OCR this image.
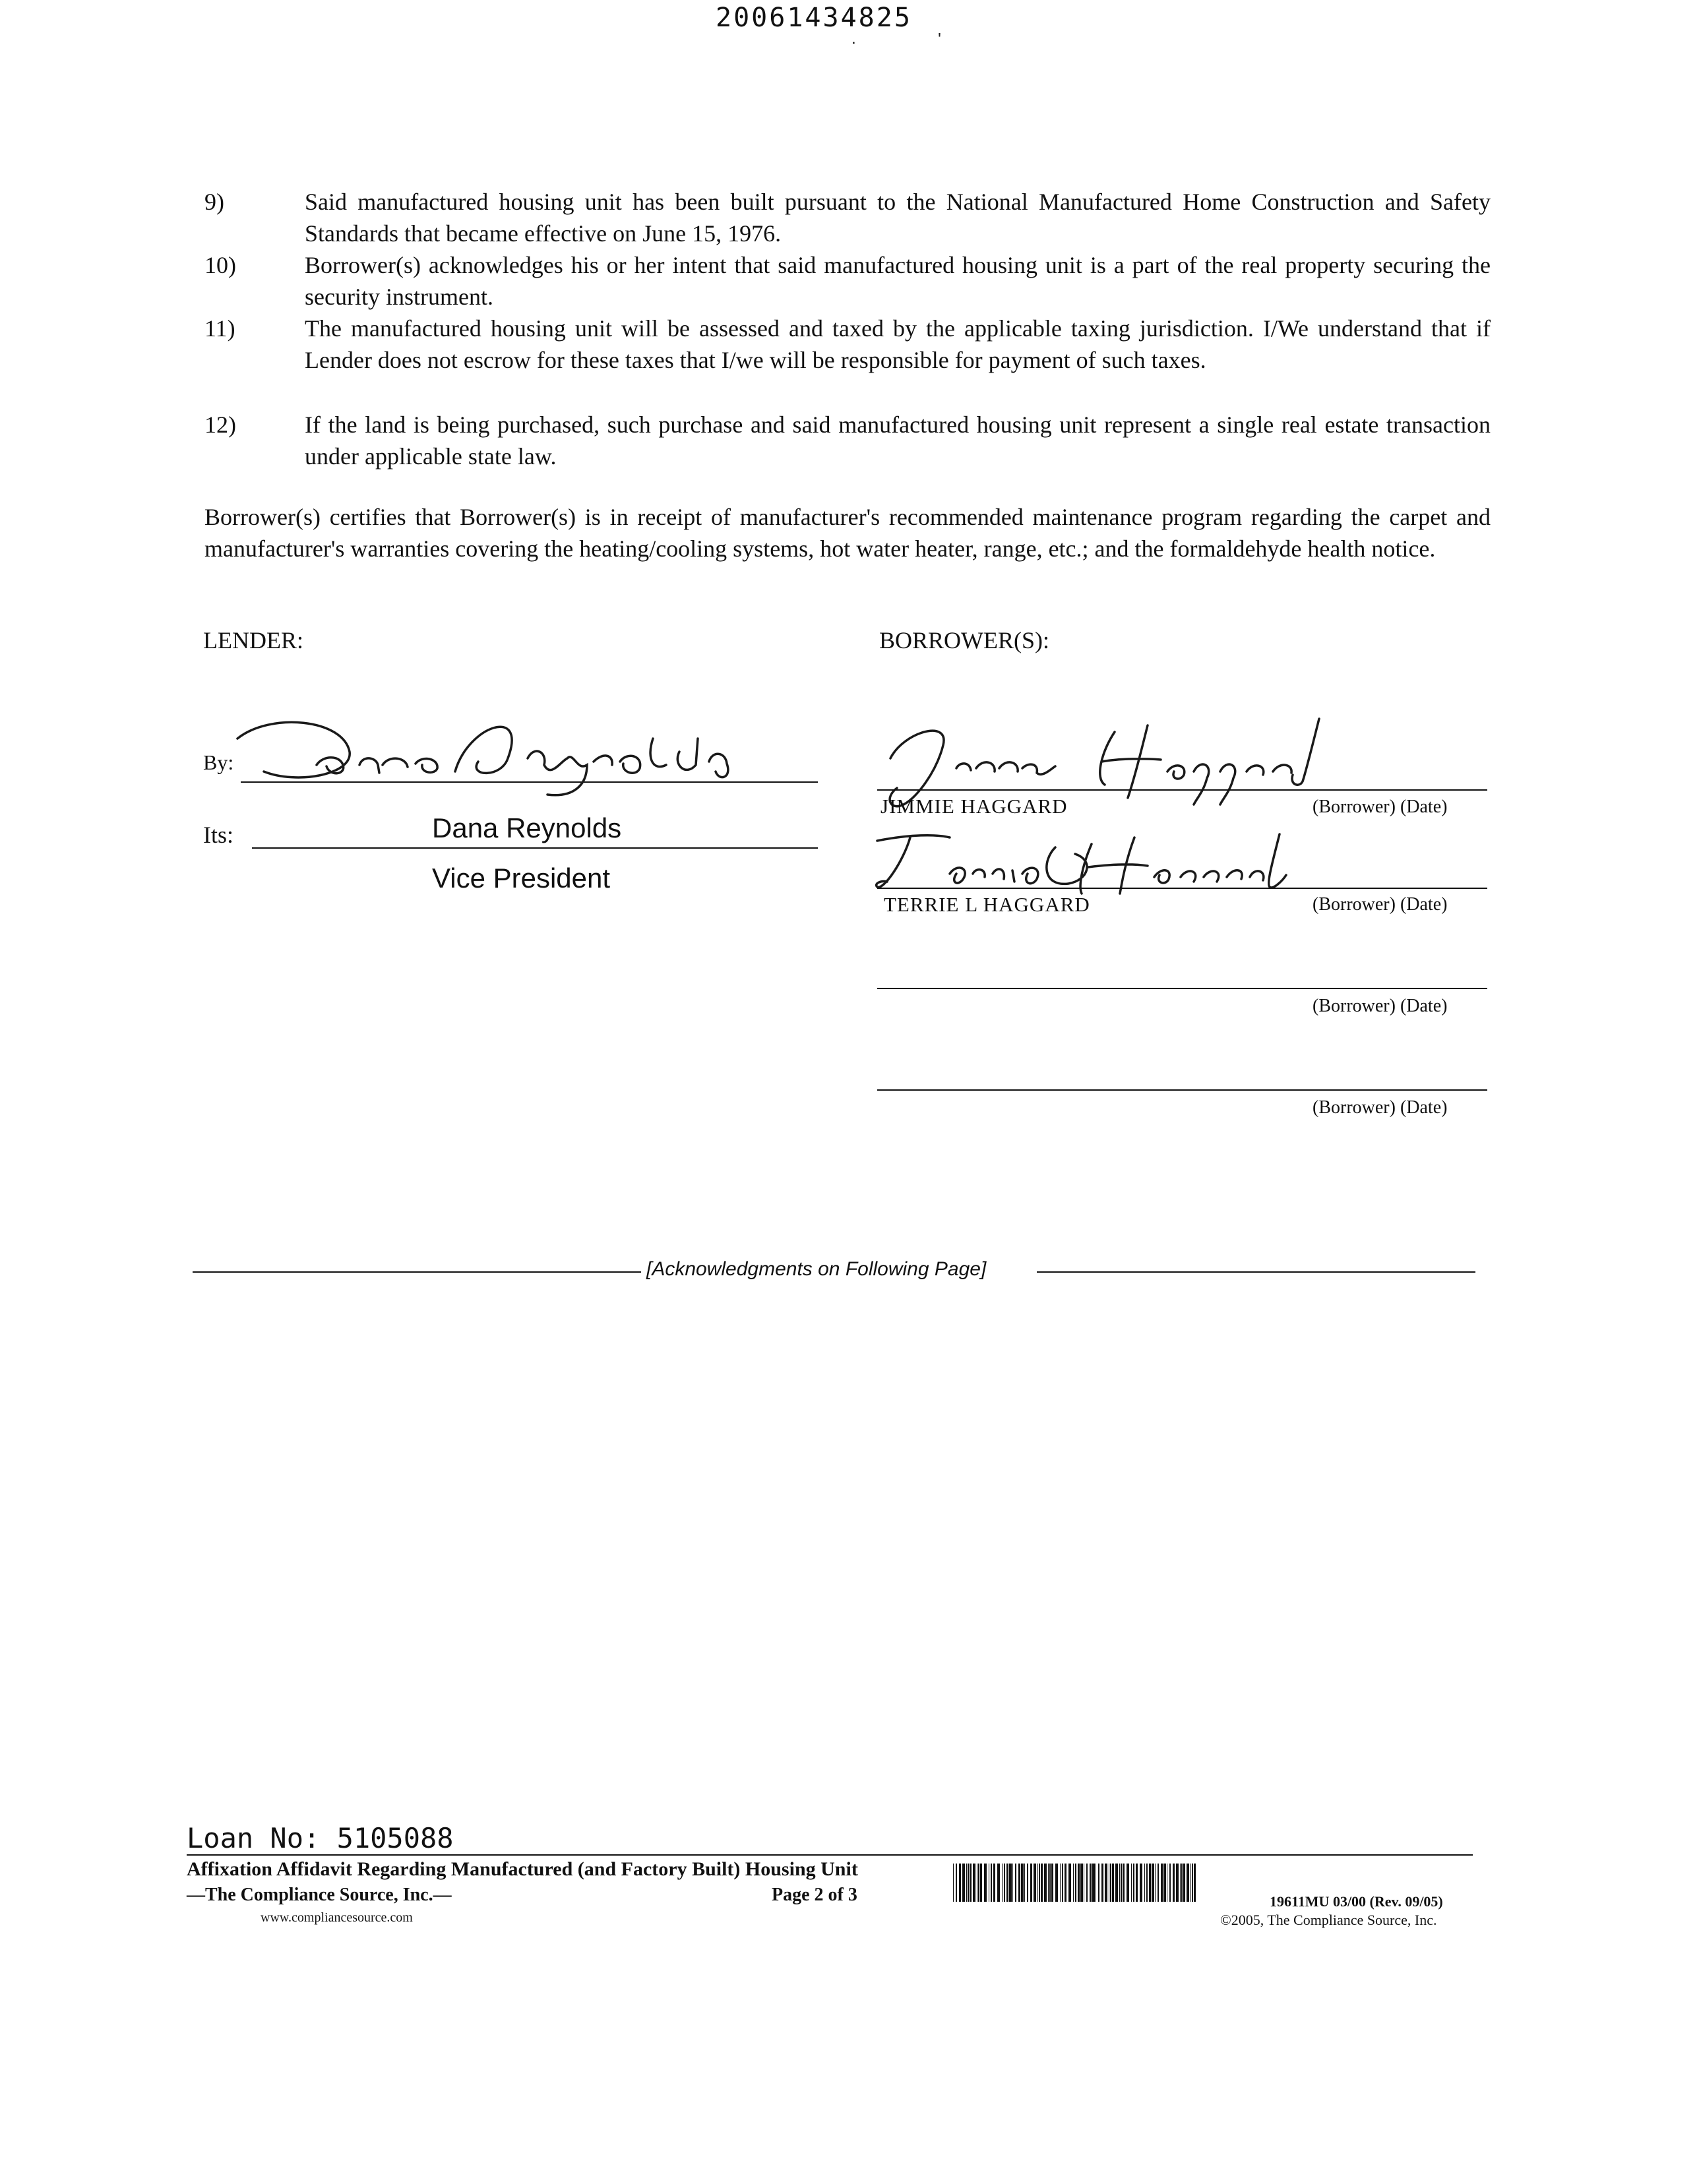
20061434825
·	'
9)	Said manufactured housing unit has been built pursuant to the National Manufactured Home Construction and Safety Standards that became effective on June 15, 1976.
10)	Borrower(s) acknowledges his or her intent that said manufactured housing unit is a part of the real property securing the security instrument.
11)	The manufactured housing unit will be assessed and taxed by the applicable taxing jurisdiction. I/We understand that if Lender does not escrow for these taxes that I/we will be responsible for payment of such taxes.
12)	If the land is being purchased, such purchase and said manufactured housing unit represent a single real estate transaction under applicable state law.
Borrower(s) certifies that Borrower(s) is in receipt of manufacturer's recommended maintenance program regarding the carpet and manufacturer's warranties covering the heating/cooling systems, hot water heater, range, etc.; and the formaldehyde health notice.
LENDER:
By:
Its:	Dana Reynolds
Vice President
BORROWER(S):
JIMMIE HAGGARD	(Borrower) (Date)
TERRIE L HAGGARD	(Borrower) (Date)
(Borrower) (Date)
(Borrower) (Date)
[Acknowledgments on Following Page]
Loan No: 5105088
Affixation Affidavit Regarding Manufactured (and Factory Built) Housing Unit
—The Compliance Source, Inc.—
www.compliancesource.com
Page 2 of 3	19611MU 03/00 (Rev. 09/05)
©2005, The Compliance Source, Inc.
